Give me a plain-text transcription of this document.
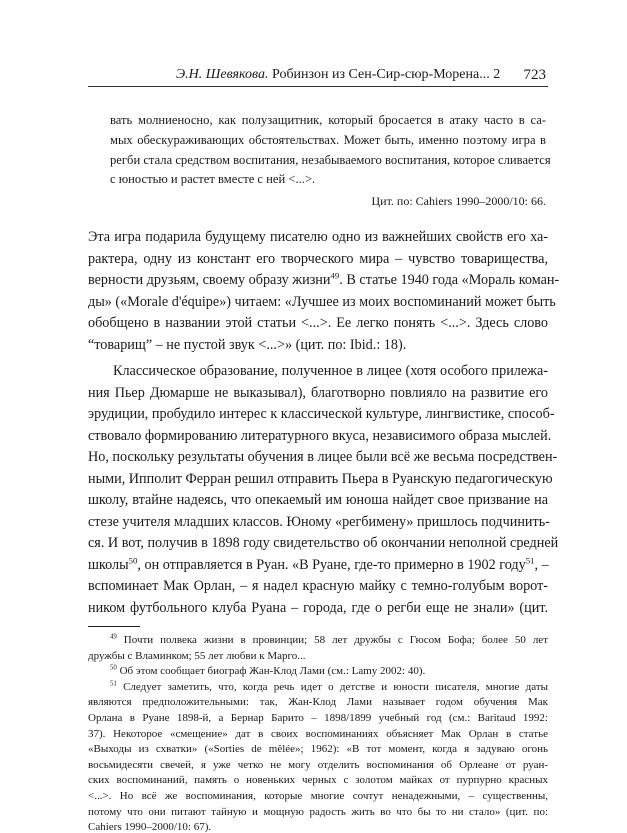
Э.Н. Шевякова. Робинзон из Сен-Сир-сюр-Морена... 2 723
вать молниеносно, как полузащитник, который бросается в атаку часто в са-
мых обескураживающих обстоятельствах. Может быть, именно поэтому игра в
регби стала средством воспитания, незабываемого воспитания, которое сливается
с юностью и растет вместе с ней <...>.
Цит. по: Cahiers 1990–2000/10: 66.
Эта игра подарила будущему писателю одно из важнейших свойств его ха-
рактера, одну из констант его творческого мира – чувство товарищества,
верности друзьям, своему образу жизни$^{49}$. В статье 1940 года «Мораль коман-
ды» («Morale d'équipe») читаем: «Лучшее из моих воспоминаний может быть
обобщено в названии этой статьи <...>. Ее легко понять <...>. Здесь слово
“товарищ” – не пустой звук <...>» (цит. по: Ibid.: 18).
Классическое образование, полученное в лицее (хотя особого прилежа-
ния Пьер Дюмарше не выказывал), благотворно повлияло на развитие его
эрудиции, пробудило интерес к классической культуре, лингвистике, способ-
ствовало формированию литературного вкуса, независимого образа мыслей.
Но, поскольку результаты обучения в лицее были всё же весьма посредствен-
ными, Ипполит Ферран решил отправить Пьера в Руанскую педагогическую
школу, втайне надеясь, что опекаемый им юноша найдет свое призвание на
стезе учителя младших классов. Юному «регбимену» пришлось подчинить-
ся. И вот, получив в 1898 году свидетельство об окончании неполной средней
школы$^{50}$, он отправляется в Руан. «В Руане, где-то примерно в 1902 году$^{51}$, –
вспоминает Мак Орлан, – я надел красную майку с темно-голубым ворот-
ником футбольного клуба Руана – города, где о регби еще не знали» (цит.
$^{49}$ Почти полвека жизни в провинции; 58 лет дружбы с Гюсом Бофа; более 50 лет
дружбы с Вламинком; 55 лет любви к Марго...
$^{50}$ Об этом сообщает биограф Жан-Клод Лами (см.: Lamy 2002: 40).
$^{51}$ Следует заметить, что, когда речь идет о детстве и юности писателя, многие даты
являются предположительными: так, Жан-Клод Лами называет годом обучения Мак
Орлана в Руане 1898-й, а Бернар Барито – 1898/1899 учебный год (см.: Baritaud 1992:
37). Некоторое «смещение» дат в своих воспоминаниях объясняет Мак Орлан в статье
«Выходы из схватки» («Sorties de mêlée»; 1962): «В тот момент, когда я задуваю огонь
восьмидесяти свечей, я уже четко не могу отделить воспоминания об Орлеане от руан-
ских воспоминаний, память о новеньких черных с золотом майках от пурпурно красных
<...>. Но всё же воспоминания, которые многие сочтут ненадежными, – существенны,
потому что они питают тайную и мощную радость жить во что бы то ни стало» (цит. по:
Cahiers 1990–2000/10: 67).
